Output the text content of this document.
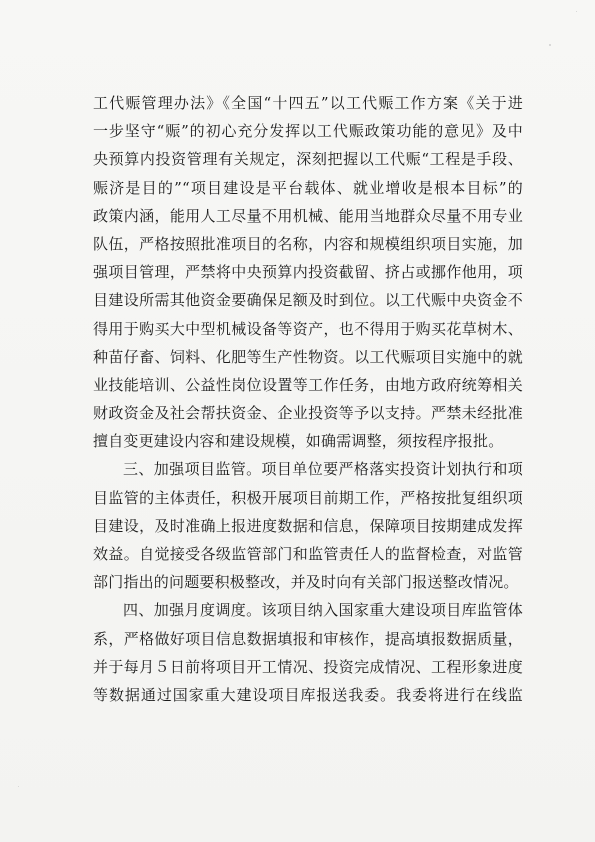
工代赈管理办法》《全国“十四五”以工代赈工作方案《关于进
一步坚守“赈”的初心充分发挥以工代赈政策功能的意见》及中
央预算内投资管理有关规定，深刻把握以工代赈“工程是手段、
赈济是目的”“项目建设是平台载体、就业增收是根本目标”的
政策内涵，能用人工尽量不用机械、能用当地群众尽量不用专业
队伍，严格按照批准项目的名称，内容和规模组织项目实施，加
强项目管理，严禁将中央预算内投资截留、挤占或挪作他用，项
目建设所需其他资金要确保足额及时到位。以工代赈中央资金不
得用于购买大中型机械设备等资产，也不得用于购买花草树木、
种苗仔畜、饲料、化肥等生产性物资。以工代赈项目实施中的就
业技能培训、公益性岗位设置等工作任务，由地方政府统筹相关
财政资金及社会帮扶资金、企业投资等予以支持。严禁未经批准
擅自变更建设内容和建设规模，如确需调整，须按程序报批。
三、加强项目监管。项目单位要严格落实投资计划执行和项
目监管的主体责任，积极开展项目前期工作，严格按批复组织项
目建设，及时准确上报进度数据和信息，保障项目按期建成发挥
效益。自觉接受各级监管部门和监管责任人的监督检查，对监管
部门指出的问题要积极整改，并及时向有关部门报送整改情况。
四、加强月度调度。该项目纳入国家重大建设项目库监管体
系，严格做好项目信息数据填报和审核作，提高填报数据质量，
并于每月５日前将项目开工情况、投资完成情况、工程形象进度
等数据通过国家重大建设项目库报送我委。我委将进行在线监
